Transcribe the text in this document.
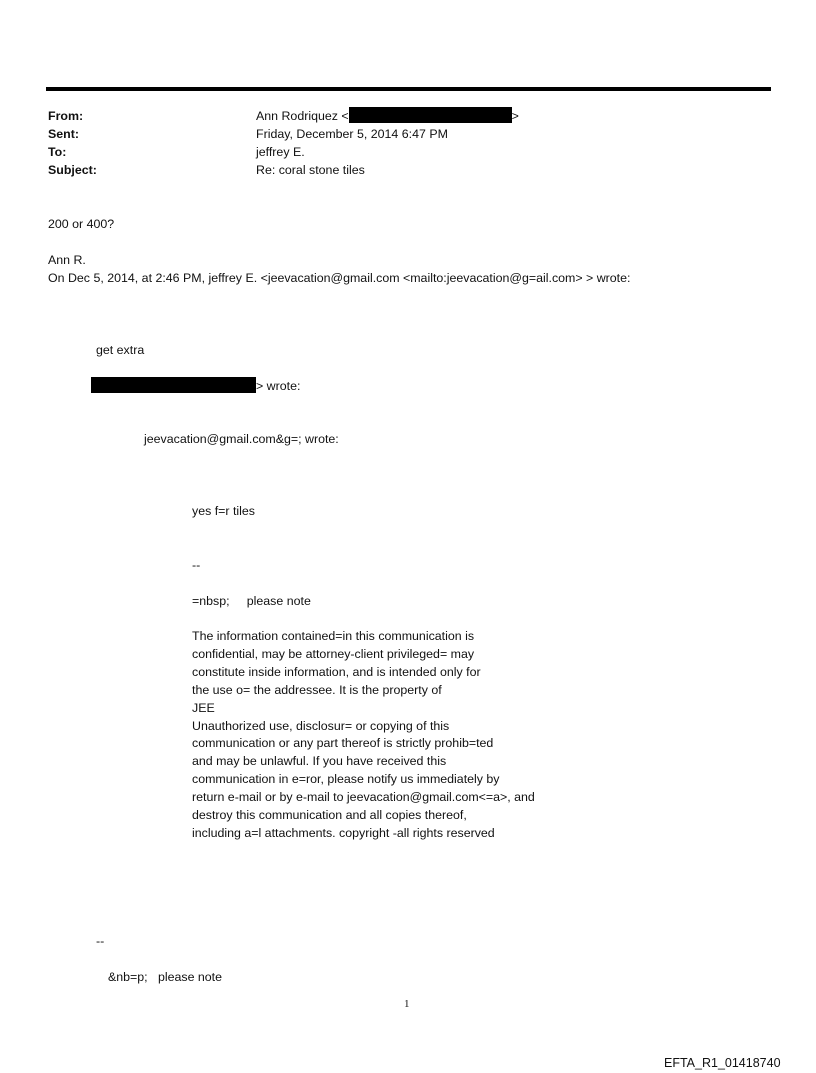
From:	Ann Rodriquez <	>
Sent:	Friday, December 5, 2014 6:47 PM
To:	jeffrey E.
Subject:	Re: coral stone tiles
200 or 400?
Ann R.
On Dec 5, 2014, at 2:46 PM, jeffrey E. <jeevacation@gmail.com <mailto:jeevacation@g=ail.com> > wrote:
get extra
> wrote:
jeevacation@gmail.com&g=; wrote:
yes f=r tiles
--
=nbsp;     please note
The information contained=in this communication is
confidential, may be attorney-client privileged= may
constitute inside information, and is intended only for
the use o= the addressee. It is the property of
JEE
Unauthorized use, disclosur= or copying of this
communication or any part thereof is strictly prohib=ted
and may be unlawful. If you have received this
communication in e=ror, please notify us immediately by
return e-mail or by e-mail to jeevacation@gmail.com<=a>, and
destroy this communication and all copies thereof,
including a=l attachments. copyright -all rights reserved
--
&nb=p;   please note
1
EFTA_R1_01418740
